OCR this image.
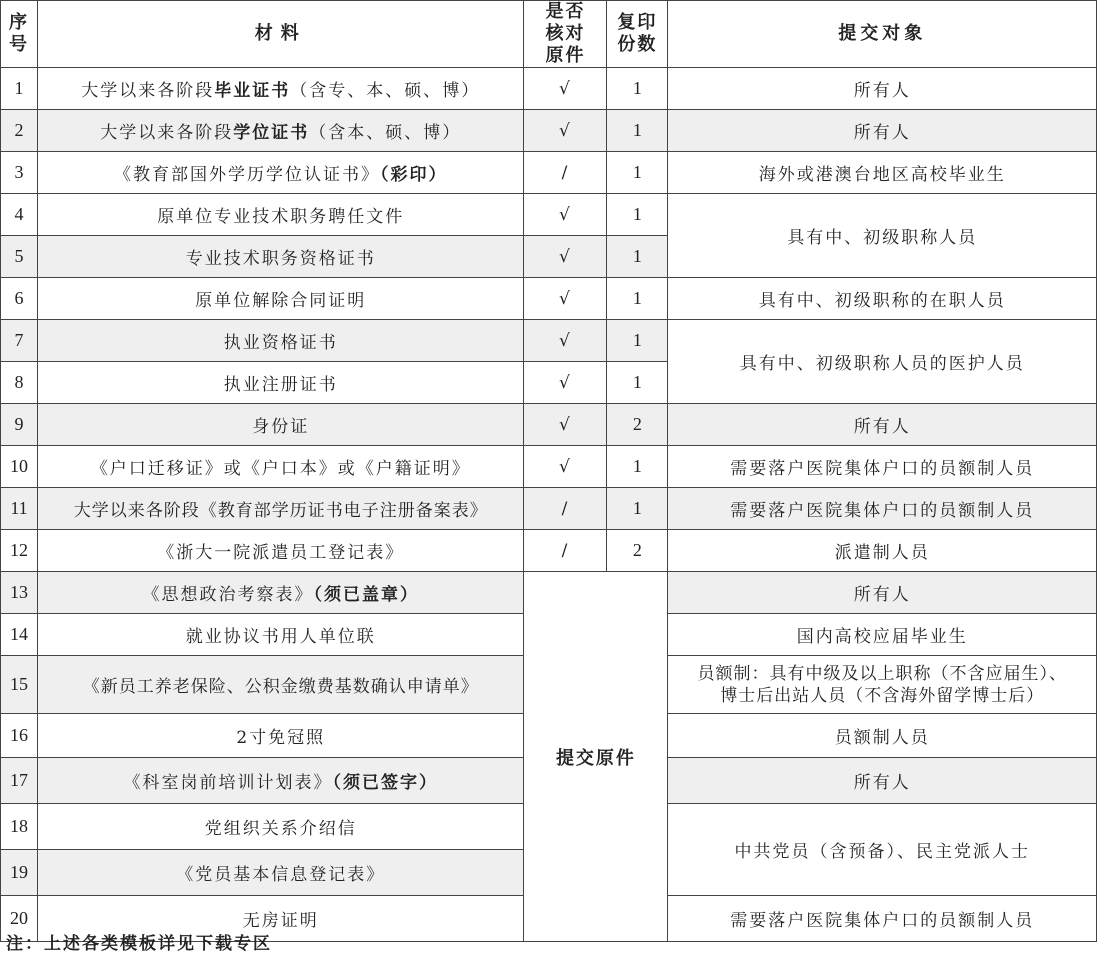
序号	材料	是否核对原件	复印份数	提交对象
1	大学以来各阶段毕业证书（含专、本、硕、博）	√	1	所有人
2	大学以来各阶段学位证书（含本、硕、博）	√	1	所有人
3	《教育部国外学历学位认证书》（彩印）	/	1	海外或港澳台地区高校毕业生
4	原单位专业技术职务聘任文件	√	1	具有中、初级职称人员
5	专业技术职务资格证书	√	1	
6	原单位解除合同证明	√	1	具有中、初级职称的在职人员
7	执业资格证书	√	1	具有中、初级职称人员的医护人员
8	执业注册证书	√	1	
9	身份证	√	2	所有人
10	《户口迁移证》或《户口本》或《户籍证明》	√	1	需要落户医院集体户口的员额制人员
11	大学以来各阶段《教育部学历证书电子注册备案表》	/	1	需要落户医院集体户口的员额制人员
12	《浙大一院派遣员工登记表》	/	2	派遣制人员
13	《思想政治考察表》（须已盖章）	提交原件		所有人
14	就业协议书用人单位联			国内高校应届毕业生
15	《新员工养老保险、公积金缴费基数确认申请单》			员额制：具有中级及以上职称（不含应届生）、
博士后出站人员（不含海外留学博士后）

16	2寸免冠照			员额制人员
17	《科室岗前培训计划表》（须已签字）			所有人
18	党组织关系介绍信			中共党员（含预备）、民主党派人士
19	《党员基本信息登记表》			
20	无房证明			需要落户医院集体户口的员额制人员
注：上述各类模板详见下载专区
